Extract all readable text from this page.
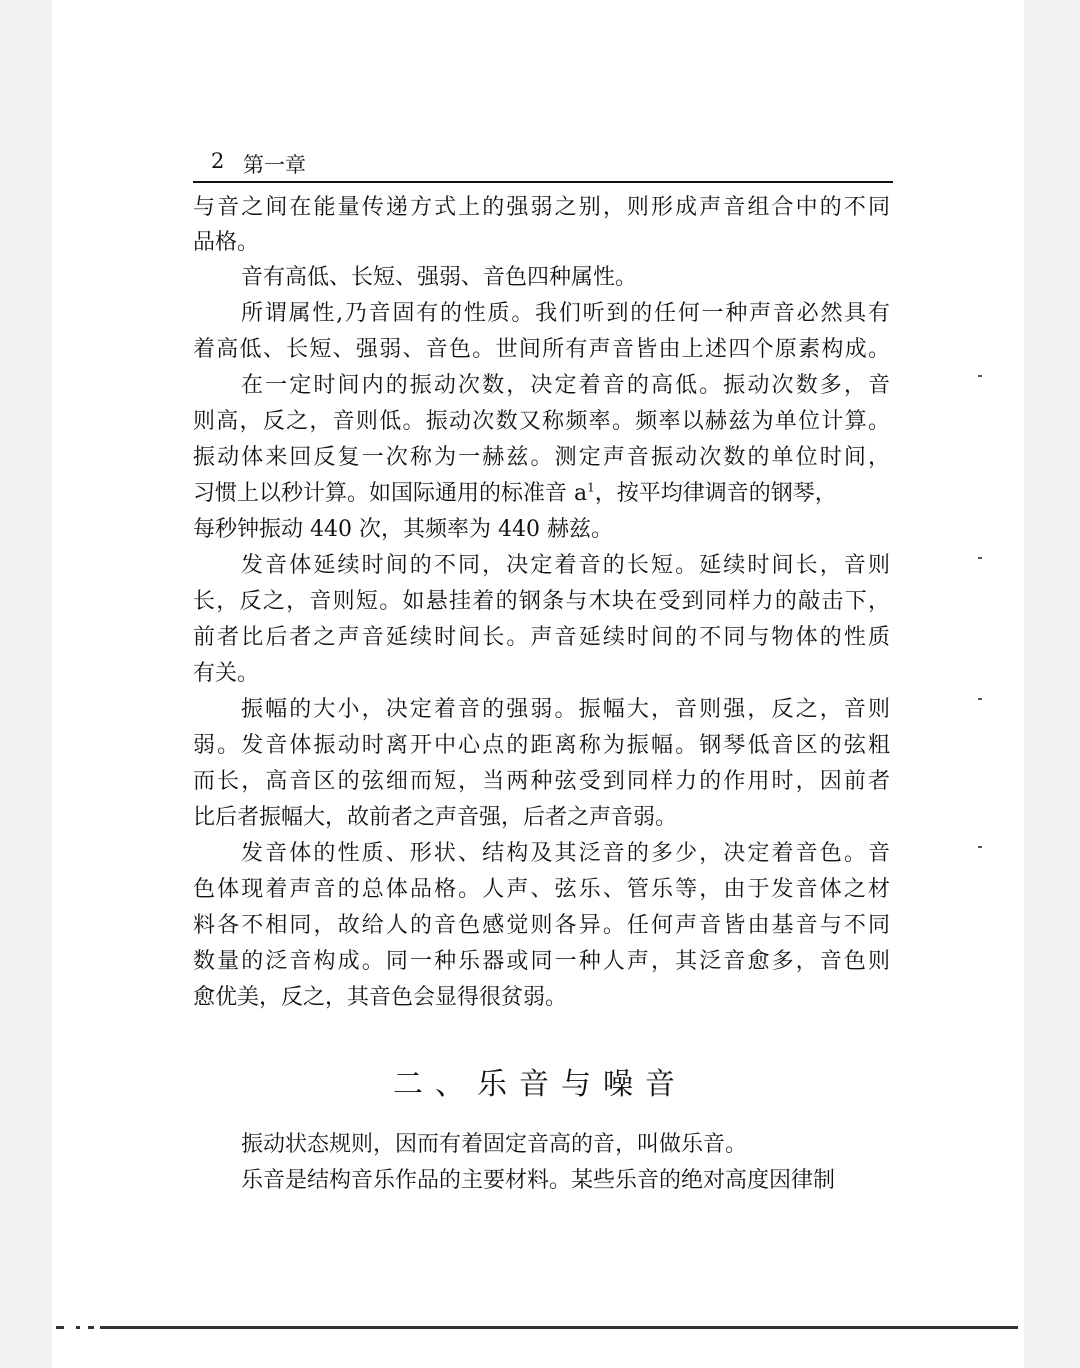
2 第一章
与音之间在能量传递方式上的强弱之别，则形成声音组合中的不同
品格。
音有高低、长短、强弱、音色四种属性。
所谓属性,乃音固有的性质。我们听到的任何一种声音必然具有
着高低、长短、强弱、音色。世间所有声音皆由上述四个原素构成。
在一定时间内的振动次数，决定着音的高低。振动次数多，音
则高，反之，音则低。振动次数又称频率。频率以赫兹为单位计算。
振动体来回反复一次称为一赫兹。测定声音振动次数的单位时间，
习惯上以秒计算。如国际通用的标准音 $a^1$，按平均律调音的钢琴，
每秒钟振动 440 次，其频率为 440 赫兹。
发音体延续时间的不同，决定着音的长短。延续时间长，音则
长，反之，音则短。如悬挂着的钢条与木块在受到同样力的敲击下，
前者比后者之声音延续时间长。声音延续时间的不同与物体的性质
有关。
振幅的大小，决定着音的强弱。振幅大，音则强，反之，音则
弱。发音体振动时离开中心点的距离称为振幅。钢琴低音区的弦粗
而长，高音区的弦细而短，当两种弦受到同样力的作用时，因前者
比后者振幅大，故前者之声音强，后者之声音弱。
发音体的性质、形状、结构及其泛音的多少，决定着音色。音
色体现着声音的总体品格。人声、弦乐、管乐等，由于发音体之材
料各不相同，故给人的音色感觉则各异。任何声音皆由基音与不同
数量的泛音构成。同一种乐器或同一种人声，其泛音愈多，音色则
愈优美，反之，其音色会显得很贫弱。
二、乐音与噪音
振动状态规则，因而有着固定音高的音，叫做乐音。
乐音是结构音乐作品的主要材料。某些乐音的绝对高度因律制
